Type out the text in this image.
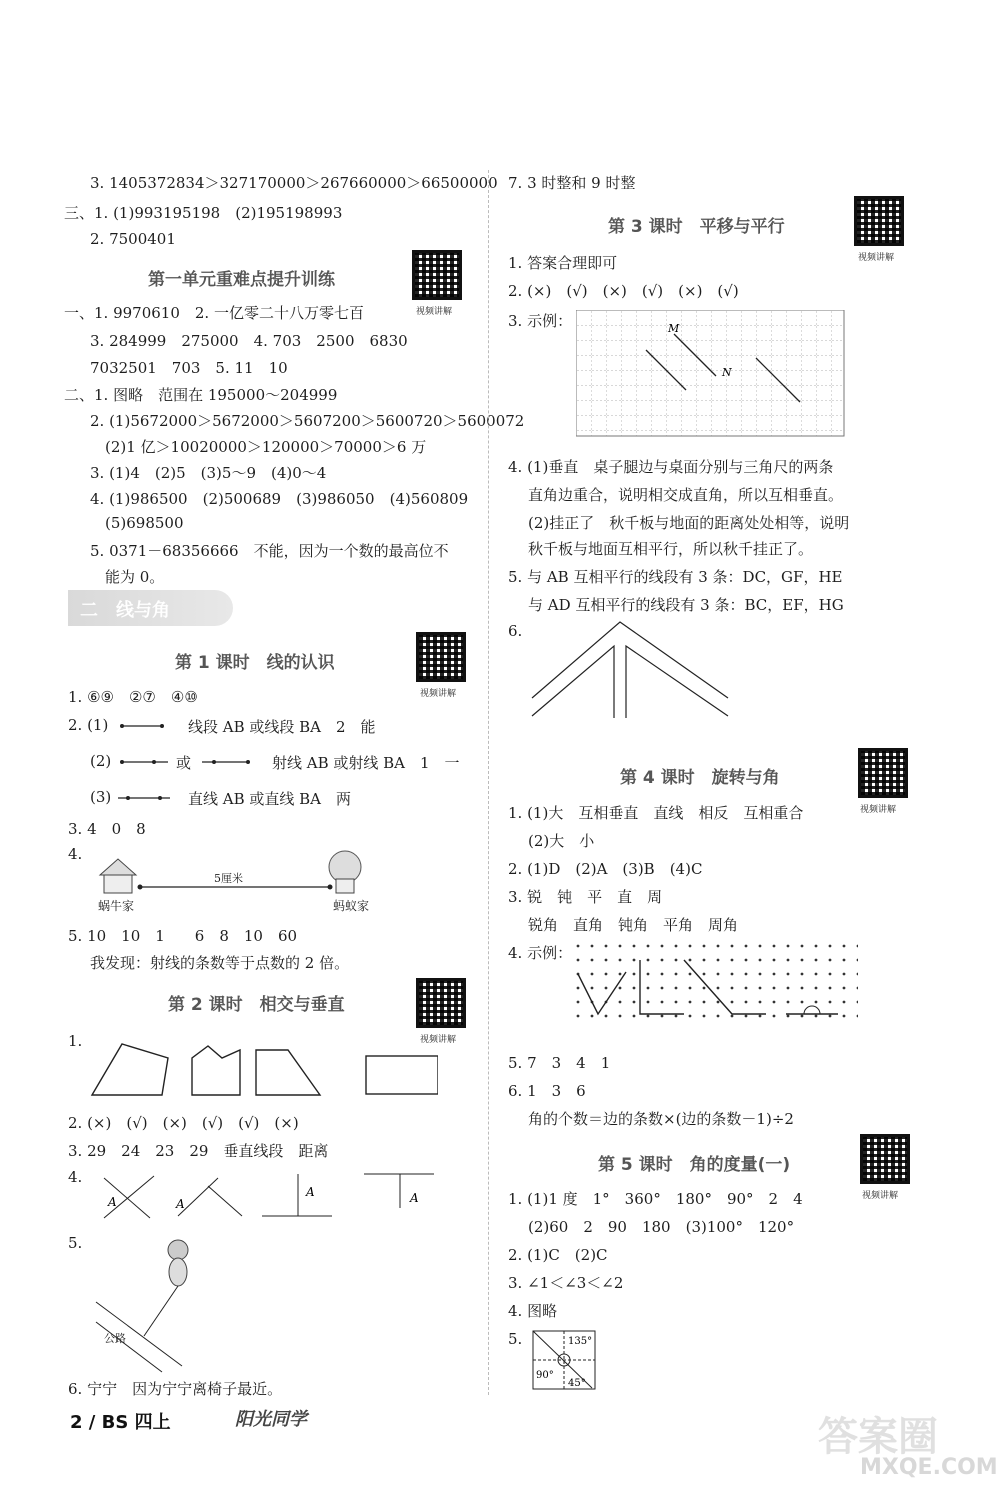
3. 1405372834＞327170000＞267660000＞66500000
三、1. (1)993195198　(2)195198993
2. 7500401
第一单元重难点提升训练
视频讲解
一、1. 9970610　2. 一亿零二十八万零七百
3. 284999　275000　4. 703　2500　6830
7032501　703　5. 11　10
二、1. 图略　范围在 195000～204999
2. (1)5672000＞5672000＞5607200＞5600720＞5600072
(2)1 亿＞10020000＞120000＞70000＞6 万
3. (1)4　(2)5　(3)5～9　(4)0～4
4. (1)986500　(2)500689　(3)986050　(4)560809
(5)698500
5. 0371－68356666　不能，因为一个数的最高位不
能为 0。
二　线与角
第 1 课时　线的认识
视频讲解
1. ⑥⑨　②⑦　④⑩
2. (1)	线段 AB 或线段 BA　2　能
(2)	或	射线 AB 或射线 BA　1　一
(3)	直线 AB 或直线 BA　两
3. 4　0　8
4.
5厘米
蜗牛家	蚂蚁家
5. 10　10　1　　6　8　10　60
我发现：射线的条数等于点数的 2 倍。
第 2 课时　相交与垂直
视频讲解
1.
2. (×)　(√)　(×)　(√)　(√)　(×)
3. 29　24　23　29　垂直线段　距离
4.
A	A
A	A
5.
公路
6. 宁宁　因为宁宁离椅子最近。
7. 3 时整和 9 时整
第 3 课时　平移与平行
视频讲解
1. 答案合理即可
2. (×)　(√)　(×)　(√)　(×)　(√)
3. 示例：	M
N
4. (1)垂直　桌子腿边与桌面分别与三角尺的两条
直角边重合，说明相交成直角，所以互相垂直。
(2)挂正了　秋千板与地面的距离处处相等，说明
秋千板与地面互相平行，所以秋千挂正了。
5. 与 AB 互相平行的线段有 3 条：DC，GF，HE
与 AD 互相平行的线段有 3 条：BC，EF，HG
6.
第 4 课时　旋转与角
视频讲解
1. (1)大　互相垂直　直线　相反　互相重合
(2)大　小
2. (1)D　(2)A　(3)B　(4)C
3. 锐　钝　平　直　周
锐角　直角　钝角　平角　周角
4. 示例：
5. 7　3　4　1
6. 1　3　6
角的个数＝边的条数×(边的条数－1)÷2
第 5 课时　角的度量(一)
视频讲解
1. (1)1 度　1°　360°　180°　90°　2　4
(2)60　2　90　180　(3)100°　120°
2. (1)C　(2)C
3. ∠1＜∠3＜∠2
4. 图略
5.	135°
90°
45°
2 / BS 四上	阳光同学	答案圈
MXQE.COM
